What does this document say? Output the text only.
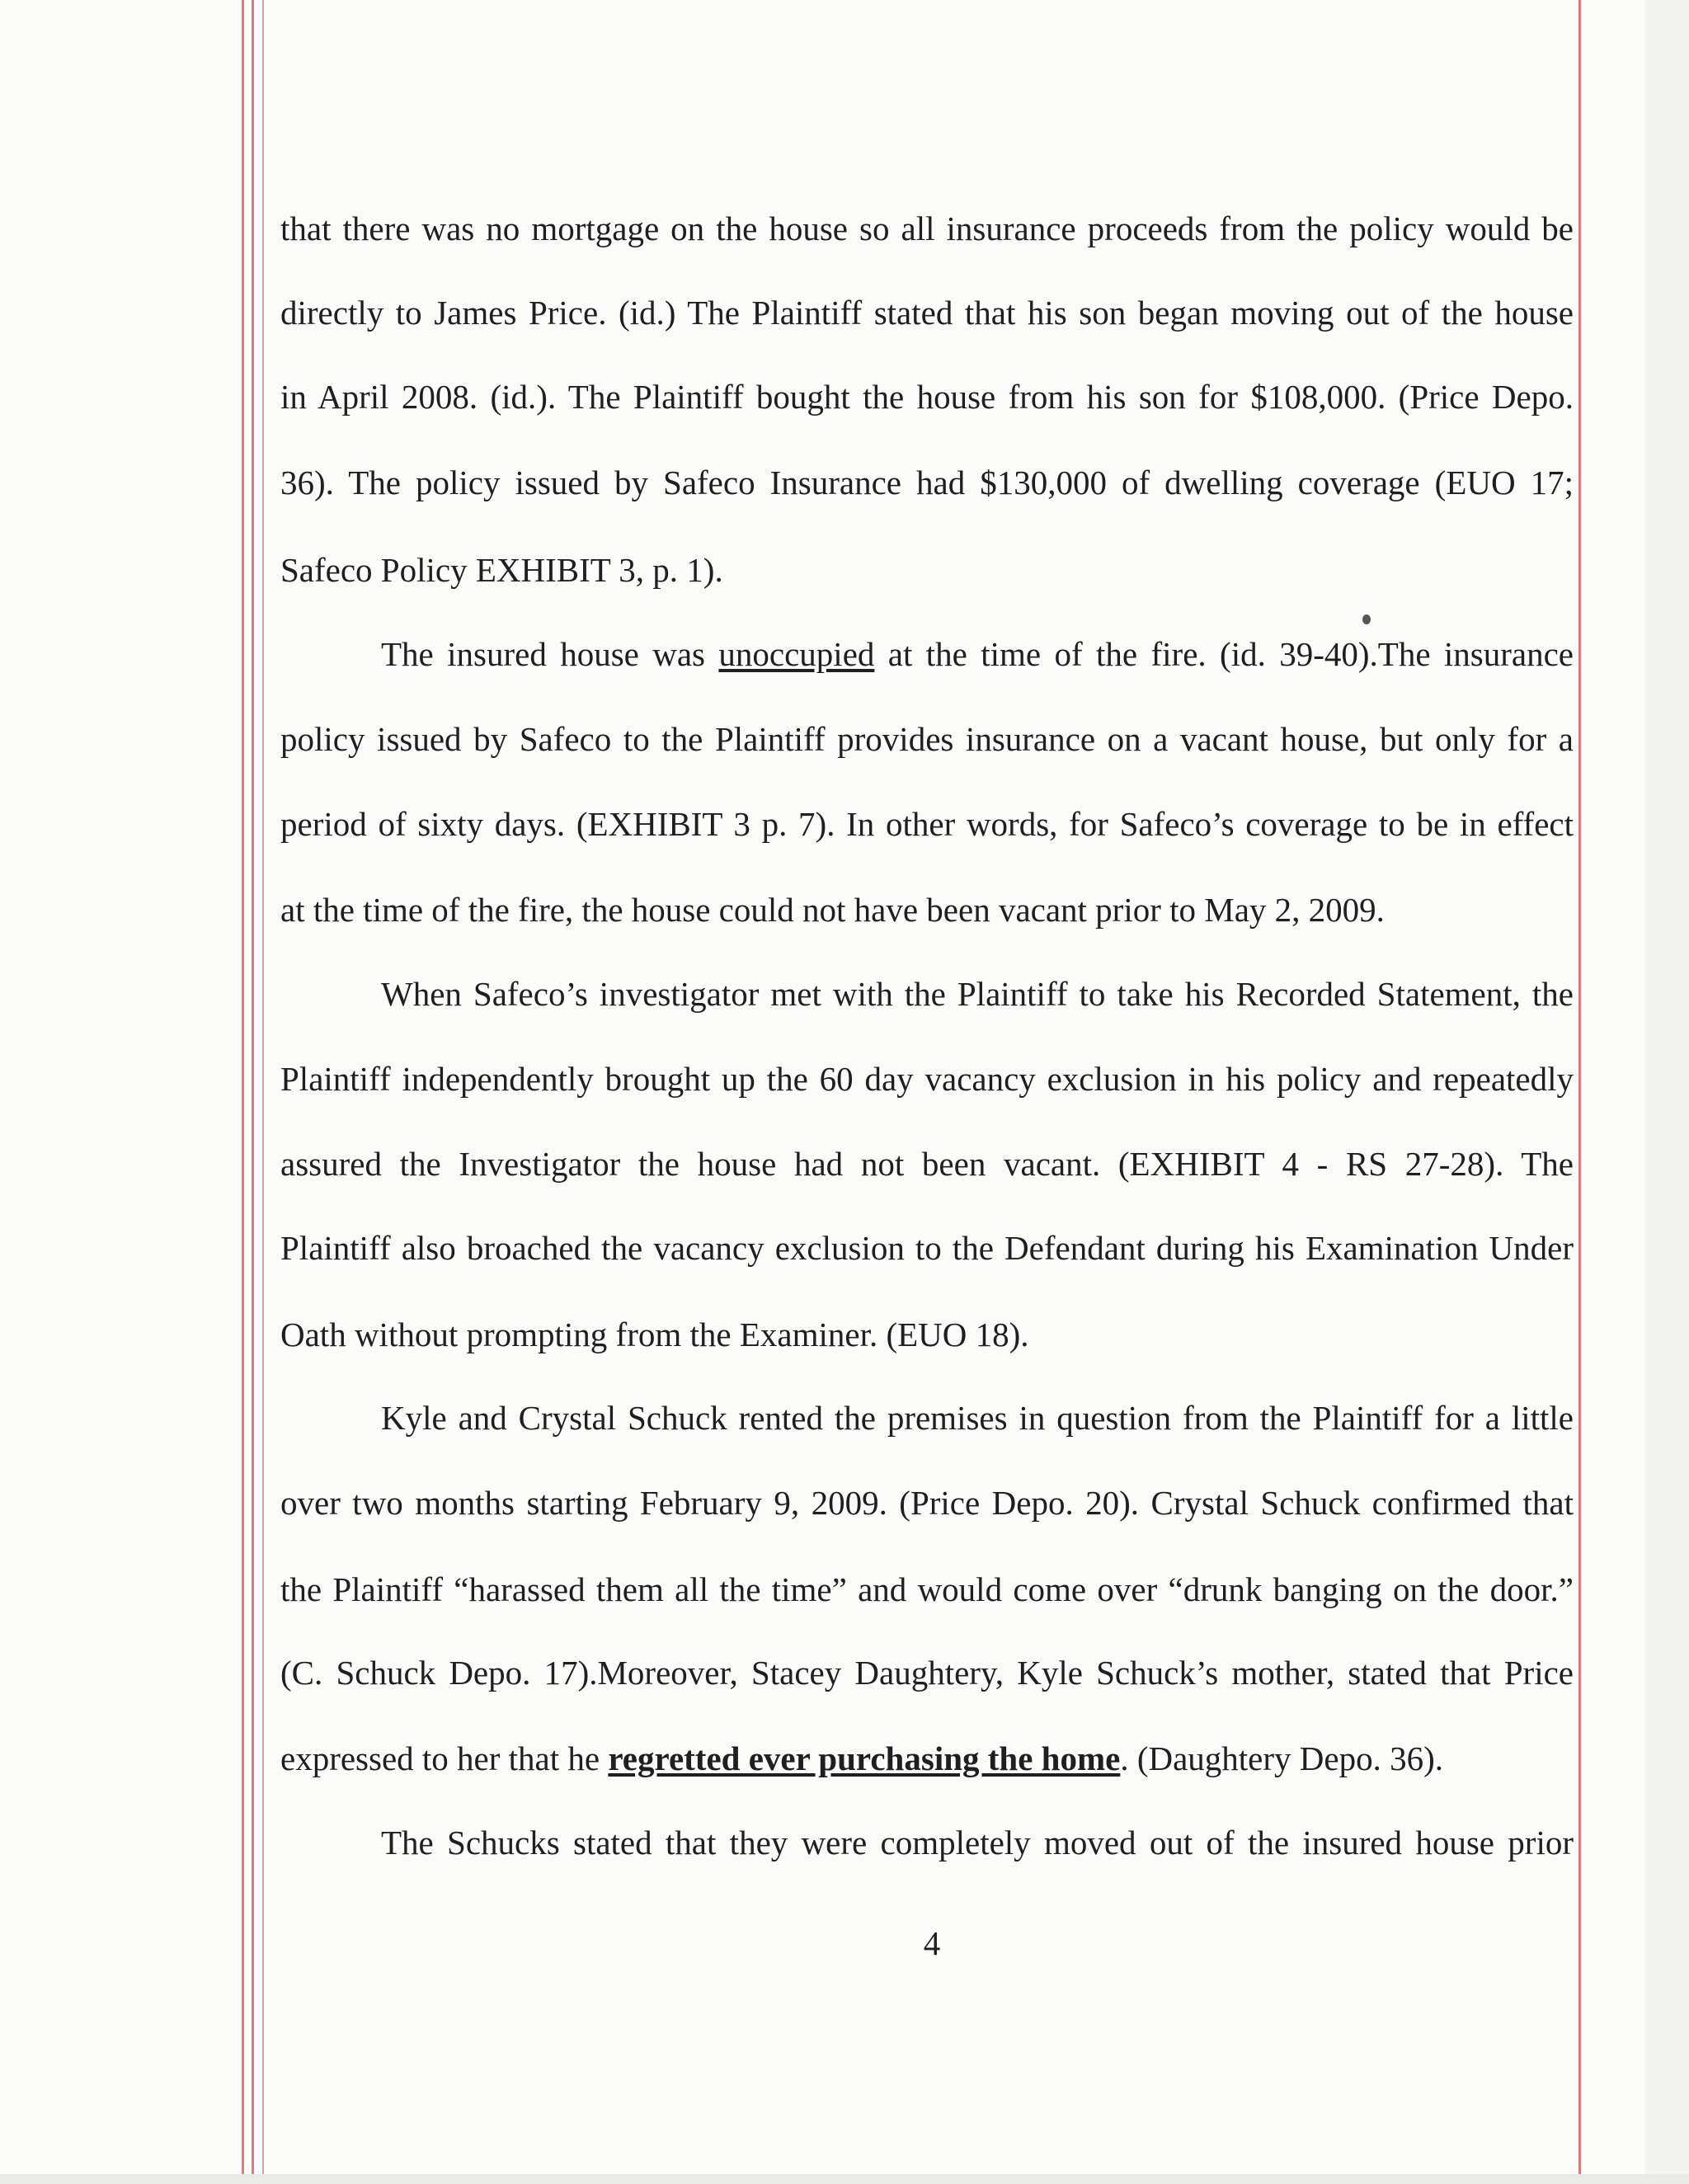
that there was no mortgage on the house so all insurance proceeds from the policy would be
directly to James Price. (id.) The Plaintiff stated that his son began moving out of the house
in April 2008. (id.). The Plaintiff bought the house from his son for $108,000. (Price Depo.
36). The policy issued by Safeco Insurance had $130,000 of dwelling coverage (EUO 17;
Safeco Policy EXHIBIT 3, p. 1).
The insured house was unoccupied at the time of the fire. (id. 39-40).The insurance
policy issued by Safeco to the Plaintiff provides insurance on a vacant house, but only for a
period of sixty days. (EXHIBIT 3 p. 7). In other words, for Safeco’s coverage to be in effect
at the time of the fire, the house could not have been vacant prior to May 2, 2009.
When Safeco’s investigator met with the Plaintiff to take his Recorded Statement, the
Plaintiff independently brought up the 60 day vacancy exclusion in his policy and repeatedly
assured the Investigator the house had not been vacant. (EXHIBIT 4 - RS 27-28). The
Plaintiff also broached the vacancy exclusion to the Defendant during his Examination Under
Oath without prompting from the Examiner. (EUO 18).
Kyle and Crystal Schuck rented the premises in question from the Plaintiff for a little
over two months starting February 9, 2009. (Price Depo. 20). Crystal Schuck confirmed that
the Plaintiff “harassed them all the time” and would come over “drunk banging on the door.”
(C. Schuck Depo. 17).Moreover, Stacey Daughtery, Kyle Schuck’s mother, stated that Price
expressed to her that he regretted ever purchasing the home. (Daughtery Depo. 36).
The Schucks stated that they were completely moved out of the insured house prior
4
